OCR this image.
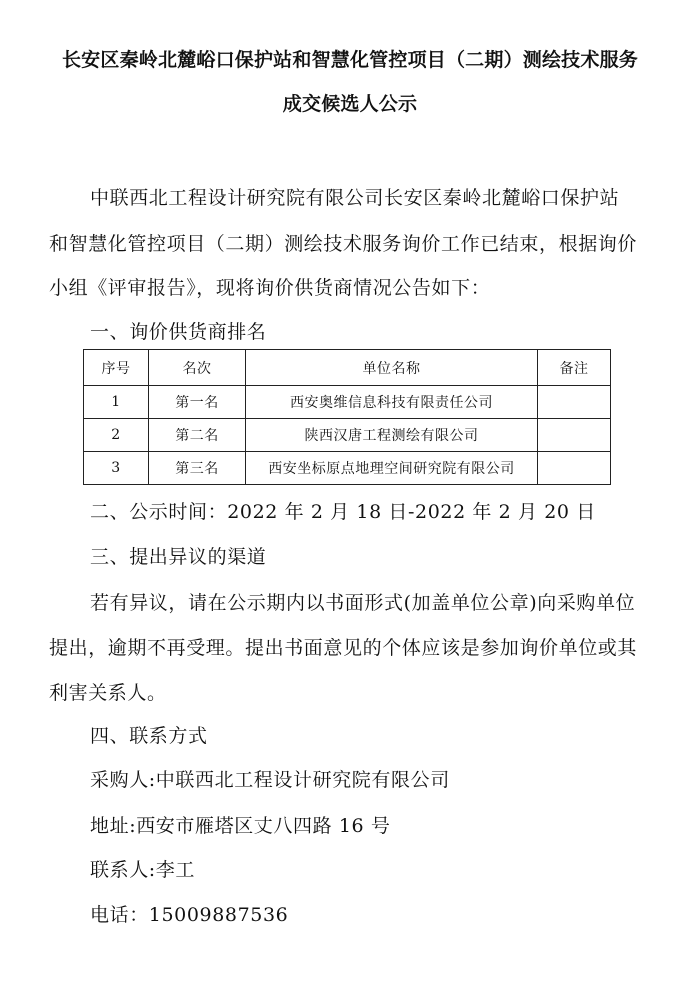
长安区秦岭北麓峪口保护站和智慧化管控项目（二期）测绘技术服务
成交候选人公示
中联西北工程设计研究院有限公司长安区秦岭北麓峪口保护站
和智慧化管控项目（二期）测绘技术服务询价工作已结束，根据询价
小组《评审报告》，现将询价供货商情况公告如下：
一、询价供货商排名
序号	名次	单位名称	备注
1	第一名	西安奥维信息科技有限责任公司	
2	第二名	陕西汉唐工程测绘有限公司	
3	第三名	西安坐标原点地理空间研究院有限公司	
二、公示时间：2022 年 2 月 18 日-2022 年 2 月 20 日
三、提出异议的渠道
若有异议，请在公示期内以书面形式(加盖单位公章)向采购单位
提出，逾期不再受理。提出书面意见的个体应该是参加询价单位或其
利害关系人。
四、联系方式
采购人:中联西北工程设计研究院有限公司
地址:西安市雁塔区丈八四路 16 号
联系人:李工
电话：15009887536
